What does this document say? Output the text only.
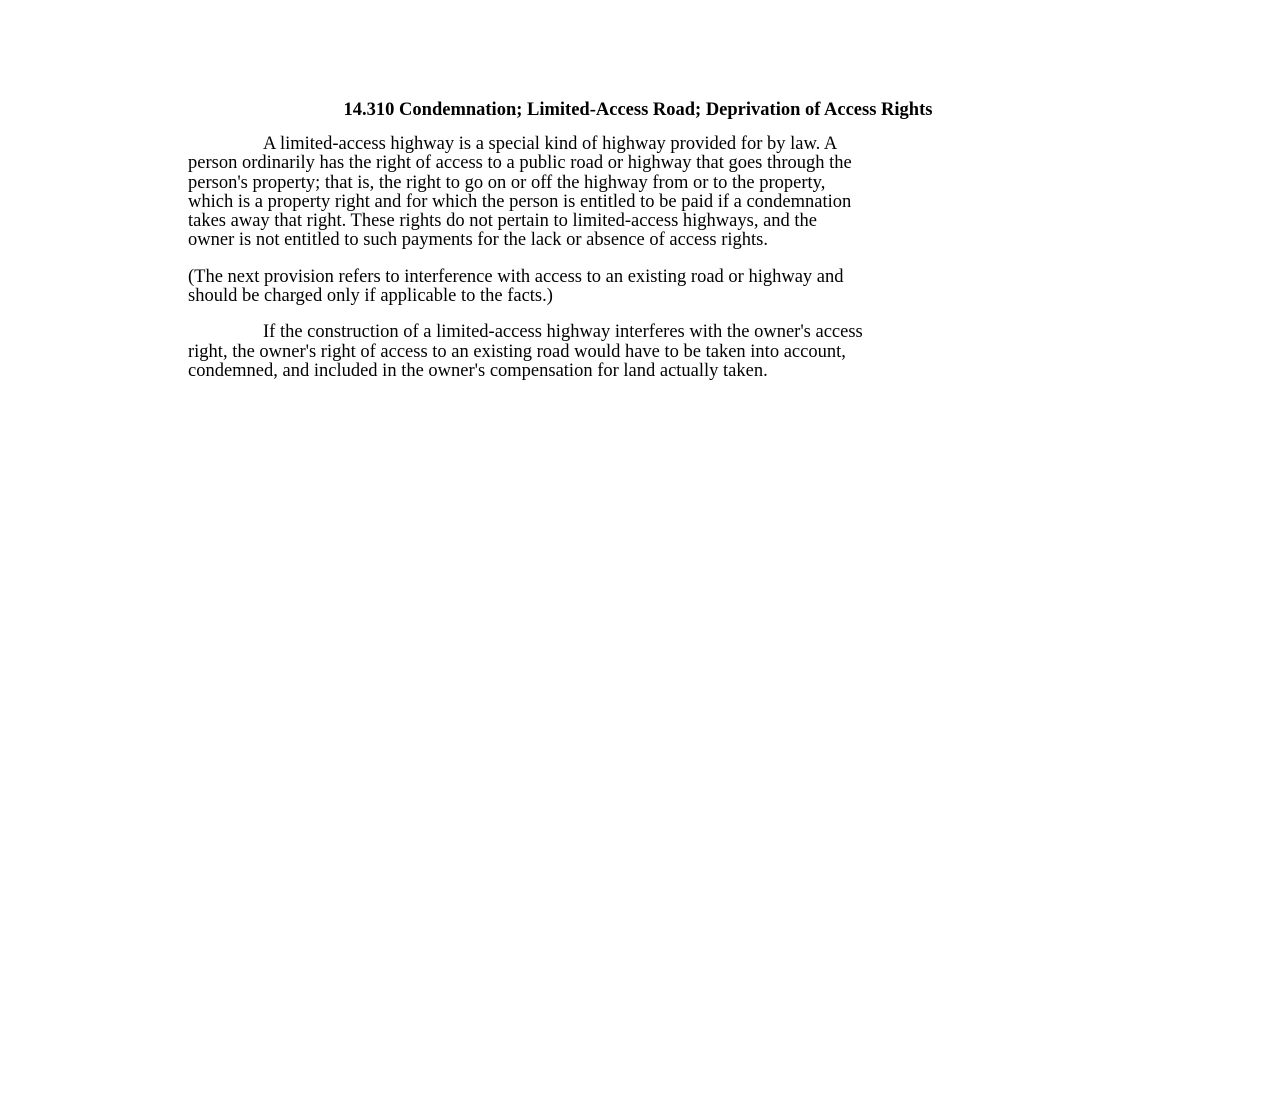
14.310 Condemnation; Limited-Access Road; Deprivation of Access Rights
A limited-access highway is a special kind of highway provided for by law. A
person ordinarily has the right of access to a public road or highway that goes through the
person's property; that is, the right to go on or off the highway from or to the property,
which is a property right and for which the person is entitled to be paid if a condemnation
takes away that right. These rights do not pertain to limited-access highways, and the
owner is not entitled to such payments for the lack or absence of access rights.
(The next provision refers to interference with access to an existing road or highway and
should be charged only if applicable to the facts.)
If the construction of a limited-access highway interferes with the owner's access
right, the owner's right of access to an existing road would have to be taken into account,
condemned, and included in the owner's compensation for land actually taken.
